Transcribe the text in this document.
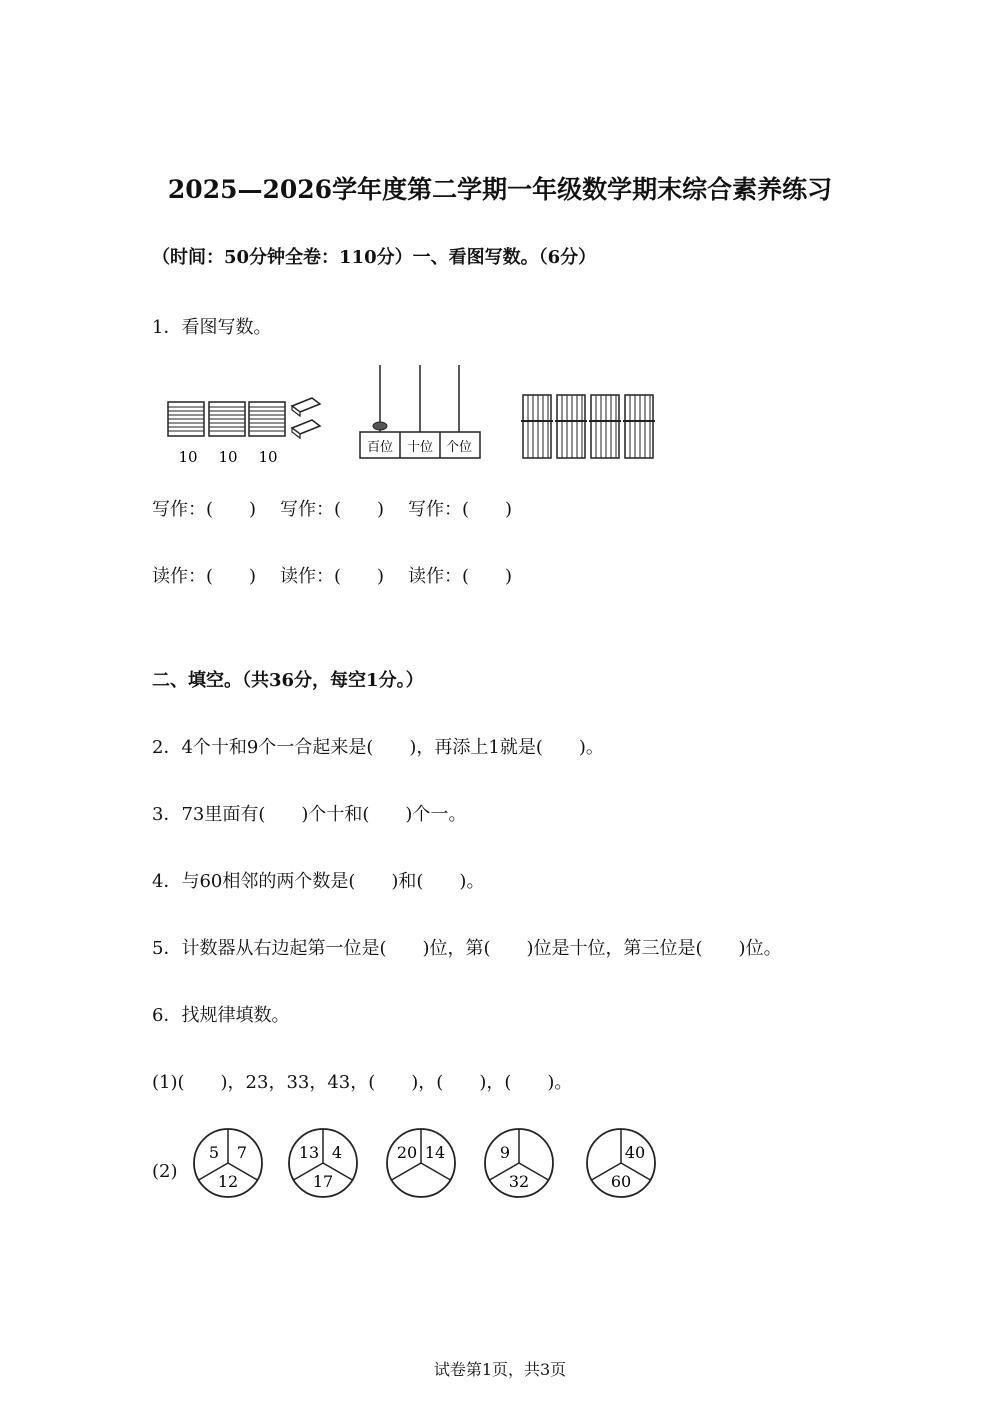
2025—2026学年度第二学期一年级数学期末综合素养练习
（时间：50分钟全卷：110分）一、看图写数。（6分）
1．看图写数。
10 10 10
百位 十位 个位
写作：(　　) 写作：(　　) 写作：(　　)
读作：(　　) 读作：(　　) 读作：(　　)
二、填空。（共36分，每空1分。）
2．4个十和9个一合起来是(　　)，再添上1就是(　　)。
3．73里面有(　　)个十和(　　)个一。
4．与60相邻的两个数是(　　)和(　　)。
5．计数器从右边起第一位是(　　)位，第(　　)位是十位，第三位是(　　)位。
6．找规律填数。
(1)(　　)，23，33，43，(　　)，(　　)，(　　)。
(2)
5 7
12
13 4
17
20 14	9
32
40
60
试卷第1页，共3页
